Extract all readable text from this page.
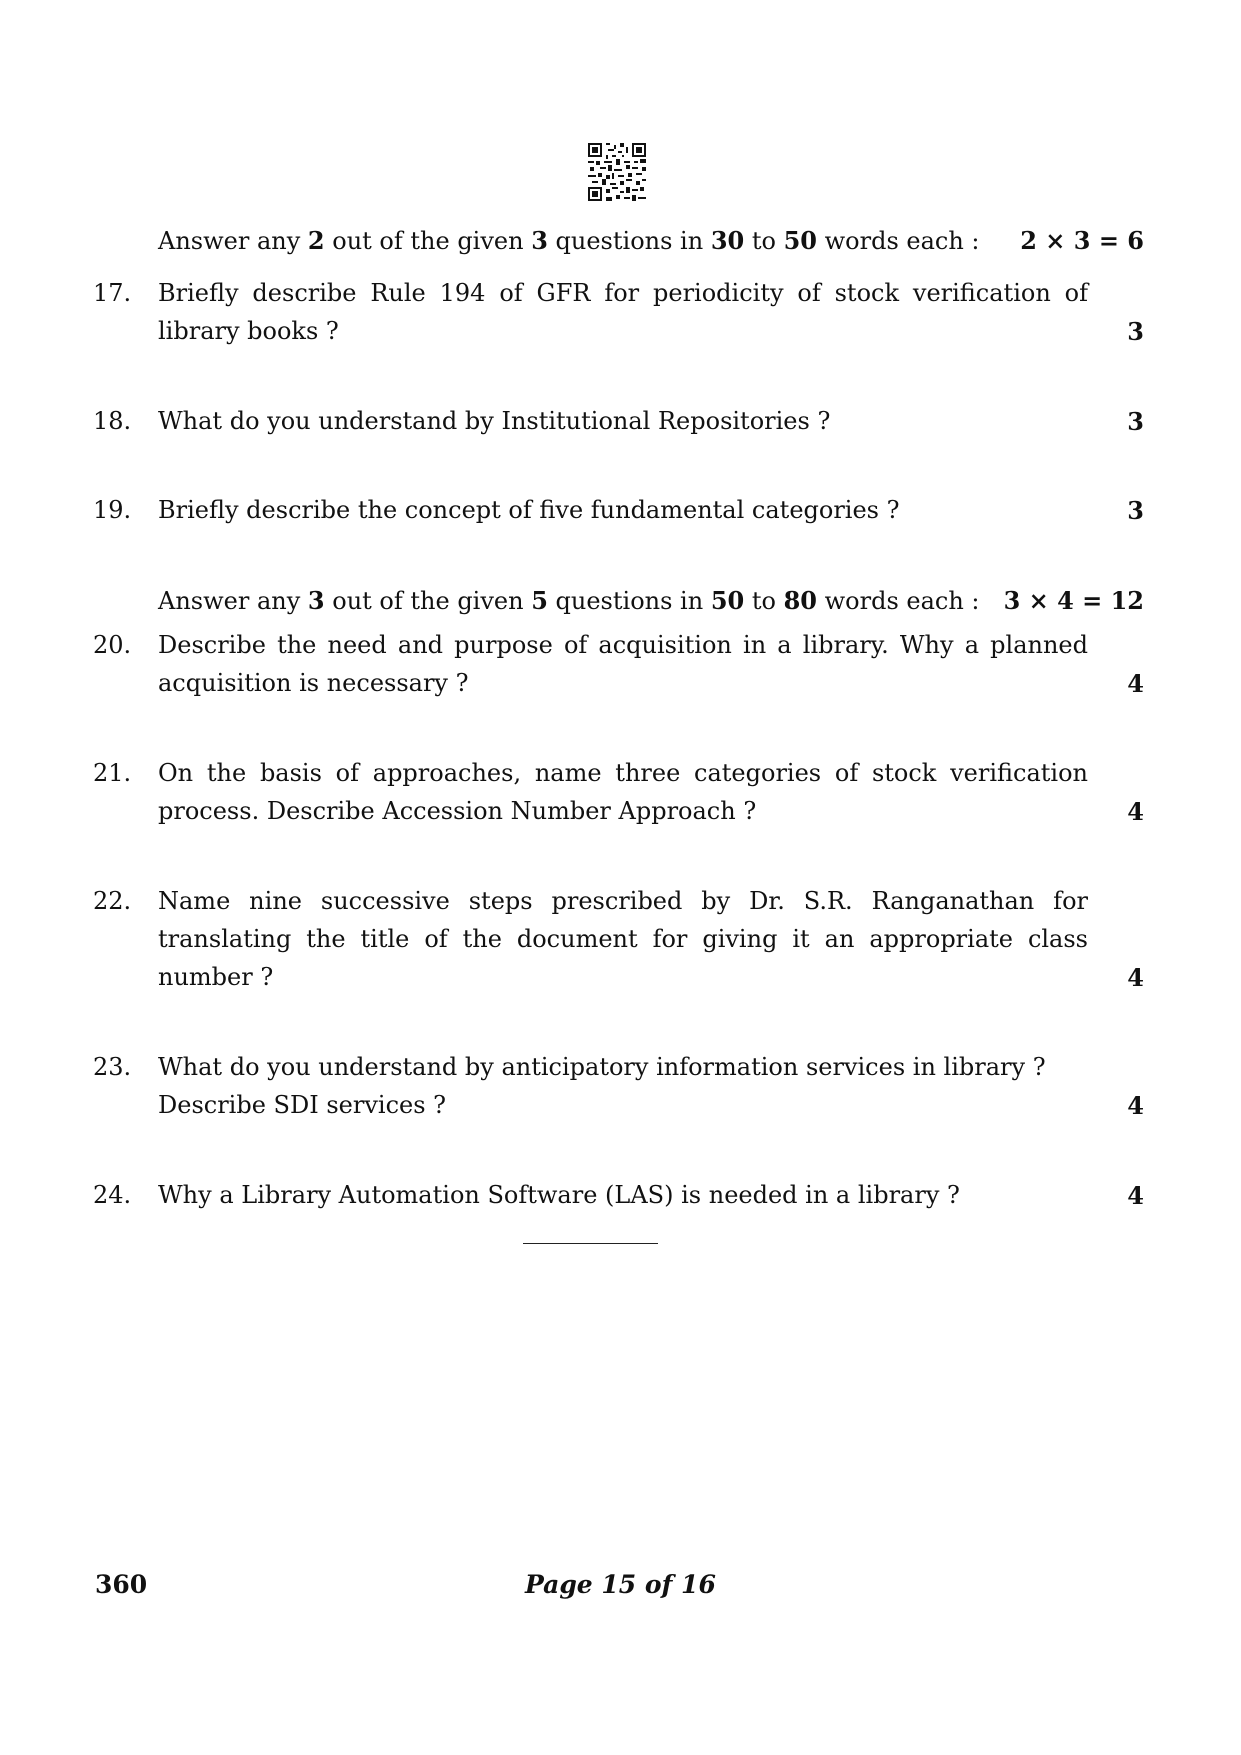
Answer any 2 out of the given 3 questions in 30 to 50 words each : 2 × 3 = 6
17. Briefly describe Rule 194 of GFR for periodicity of stock verification of
library books ?	3
18. What do you understand by Institutional Repositories ?	3
19. Briefly describe the concept of five fundamental categories ?	3
Answer any 3 out of the given 5 questions in 50 to 80 words each : 3 × 4 = 12
20. Describe the need and purpose of acquisition in a library. Why a planned
acquisition is necessary ?	4
21. On the basis of approaches, name three categories of stock verification
process. Describe Accession Number Approach ?	4
22. Name nine successive steps prescribed by Dr. S.R. Ranganathan for
translating the title of the document for giving it an appropriate class
number ?	4
23. What do you understand by anticipatory information services in library ?
Describe SDI services ?	4
24. Why a Library Automation Software (LAS) is needed in a library ?	4
360	Page 15 of 16
